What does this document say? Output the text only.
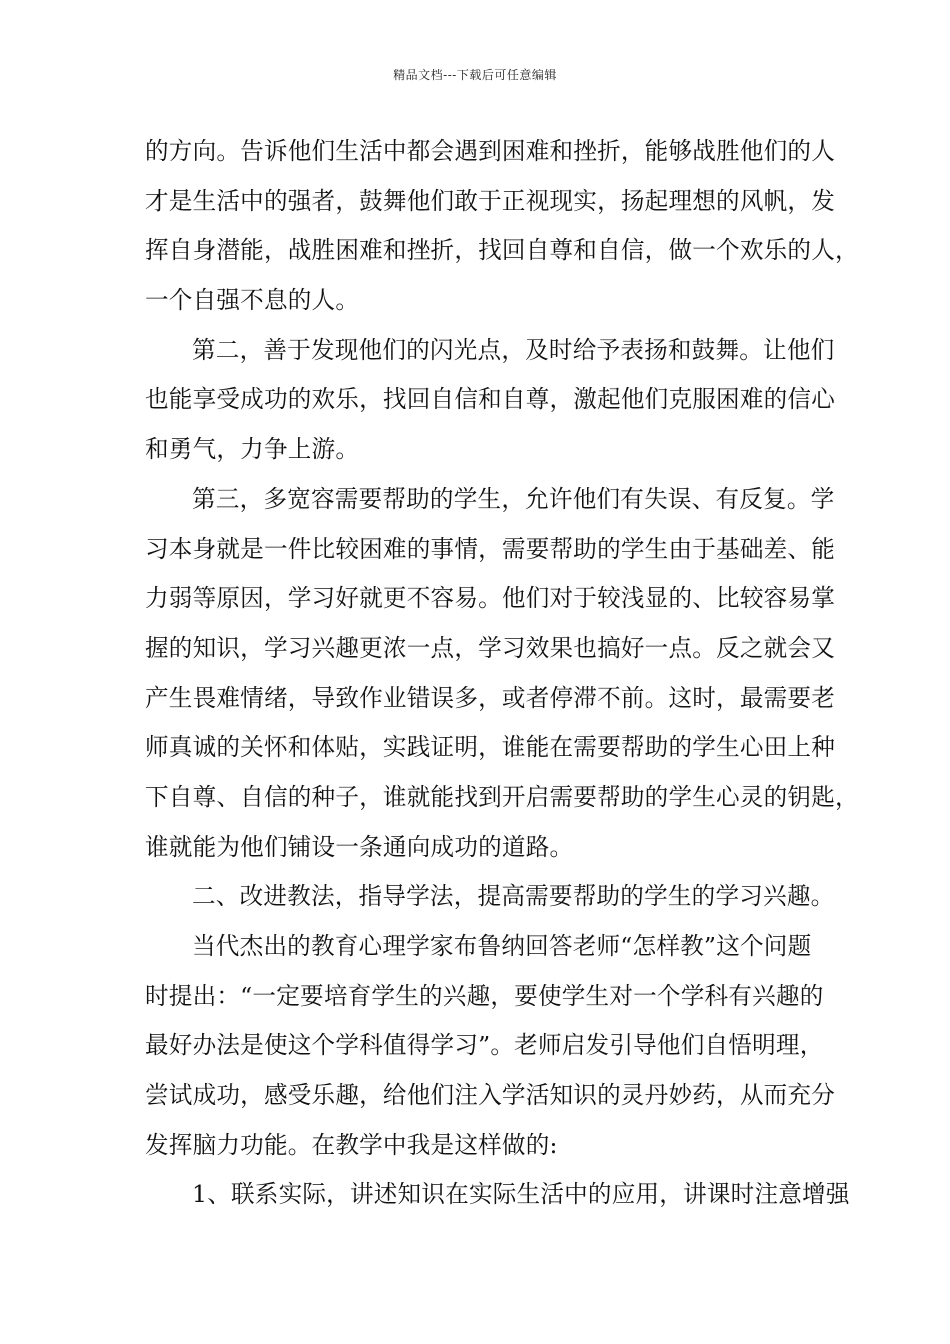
精品文档---下载后可任意编辑
的方向。告诉他们生活中都会遇到困难和挫折，能够战胜他们的人
才是生活中的强者，鼓舞他们敢于正视现实，扬起理想的风帆，发
挥自身潜能，战胜困难和挫折，找回自尊和自信，做一个欢乐的人，
一个自强不息的人。
第二，善于发现他们的闪光点，及时给予表扬和鼓舞。让他们
也能享受成功的欢乐，找回自信和自尊，激起他们克服困难的信心
和勇气，力争上游。
第三，多宽容需要帮助的学生，允许他们有失误、有反复。学
习本身就是一件比较困难的事情，需要帮助的学生由于基础差、能
力弱等原因，学习好就更不容易。他们对于较浅显的、比较容易掌
握的知识，学习兴趣更浓一点，学习效果也搞好一点。反之就会又
产生畏难情绪，导致作业错误多，或者停滞不前。这时，最需要老
师真诚的关怀和体贴，实践证明，谁能在需要帮助的学生心田上种
下自尊、自信的种子，谁就能找到开启需要帮助的学生心灵的钥匙，
谁就能为他们铺设一条通向成功的道路。
二、改进教法，指导学法，提高需要帮助的学生的学习兴趣。
当代杰出的教育心理学家布鲁纳回答老师“怎样教”这个问题
时提出：“一定要培育学生的兴趣，要使学生对一个学科有兴趣的
最好办法是使这个学科值得学习”。老师启发引导他们自悟明理，
尝试成功，感受乐趣，给他们注入学活知识的灵丹妙药，从而充分
发挥脑力功能。在教学中我是这样做的:
1、联系实际，讲述知识在实际生活中的应用，讲课时注意增强
